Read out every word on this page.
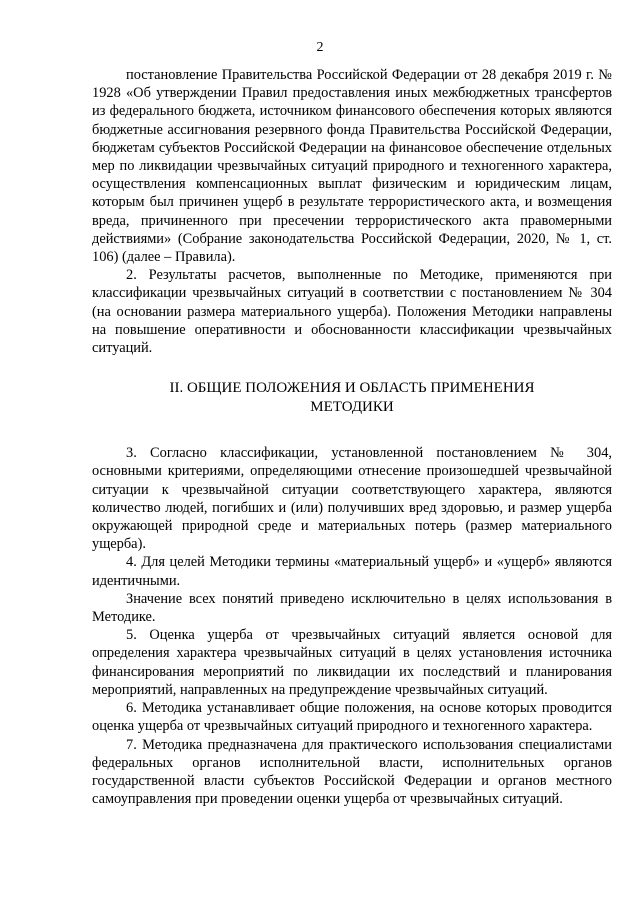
2

постановление Правительства Российской Федерации от 28 декабря 2019 г. № 1928 «Об утверждении Правил предоставления иных межбюджетных трансфертов из федерального бюджета, источником финансового обеспечения которых являются бюджетные ассигнования резервного фонда Правительства Российской Федерации, бюджетам субъектов Российской Федерации на финансовое обеспечение отдельных мер по ликвидации чрезвычайных ситуаций природного и техногенного характера, осуществления компенсационных выплат физическим и юридическим лицам, которым был причинен ущерб в результате террористического акта, и возмещения вреда, причиненного при пресечении террористического акта правомерными действиями» (Собрание законодательства Российской Федерации, 2020, № 1, ст. 106) (далее – Правила).

2. Результаты расчетов, выполненные по Методике, применяются при классификации чрезвычайных ситуаций в соответствии с постановлением № 304 (на основании размера материального ущерба). Положения Методики направлены на повышение оперативности и обоснованности классификации чрезвычайных ситуаций.

II. ОБЩИЕ ПОЛОЖЕНИЯ И ОБЛАСТЬ ПРИМЕНЕНИЯ
МЕТОДИКИ

3. Согласно классификации, установленной постановлением № 304, основными критериями, определяющими отнесение произошедшей чрезвычайной ситуации к чрезвычайной ситуации соответствующего характера, являются количество людей, погибших и (или) получивших вред здоровью, и размер ущерба окружающей природной среде и материальных потерь (размер материального ущерба).

4. Для целей Методики термины «материальный ущерб» и «ущерб» являются идентичными.

Значение всех понятий приведено исключительно в целях использования в Методике.

5. Оценка ущерба от чрезвычайных ситуаций является основой для определения характера чрезвычайных ситуаций в целях установления источника финансирования мероприятий по ликвидации их последствий и планирования мероприятий, направленных на предупреждение чрезвычайных ситуаций.

6. Методика устанавливает общие положения, на основе которых проводится оценка ущерба от чрезвычайных ситуаций природного и техногенного характера.

7. Методика предназначена для практического использования специалистами федеральных органов исполнительной власти, исполнительных органов государственной власти субъектов Российской Федерации и органов местного самоуправления при проведении оценки ущерба от чрезвычайных ситуаций.
